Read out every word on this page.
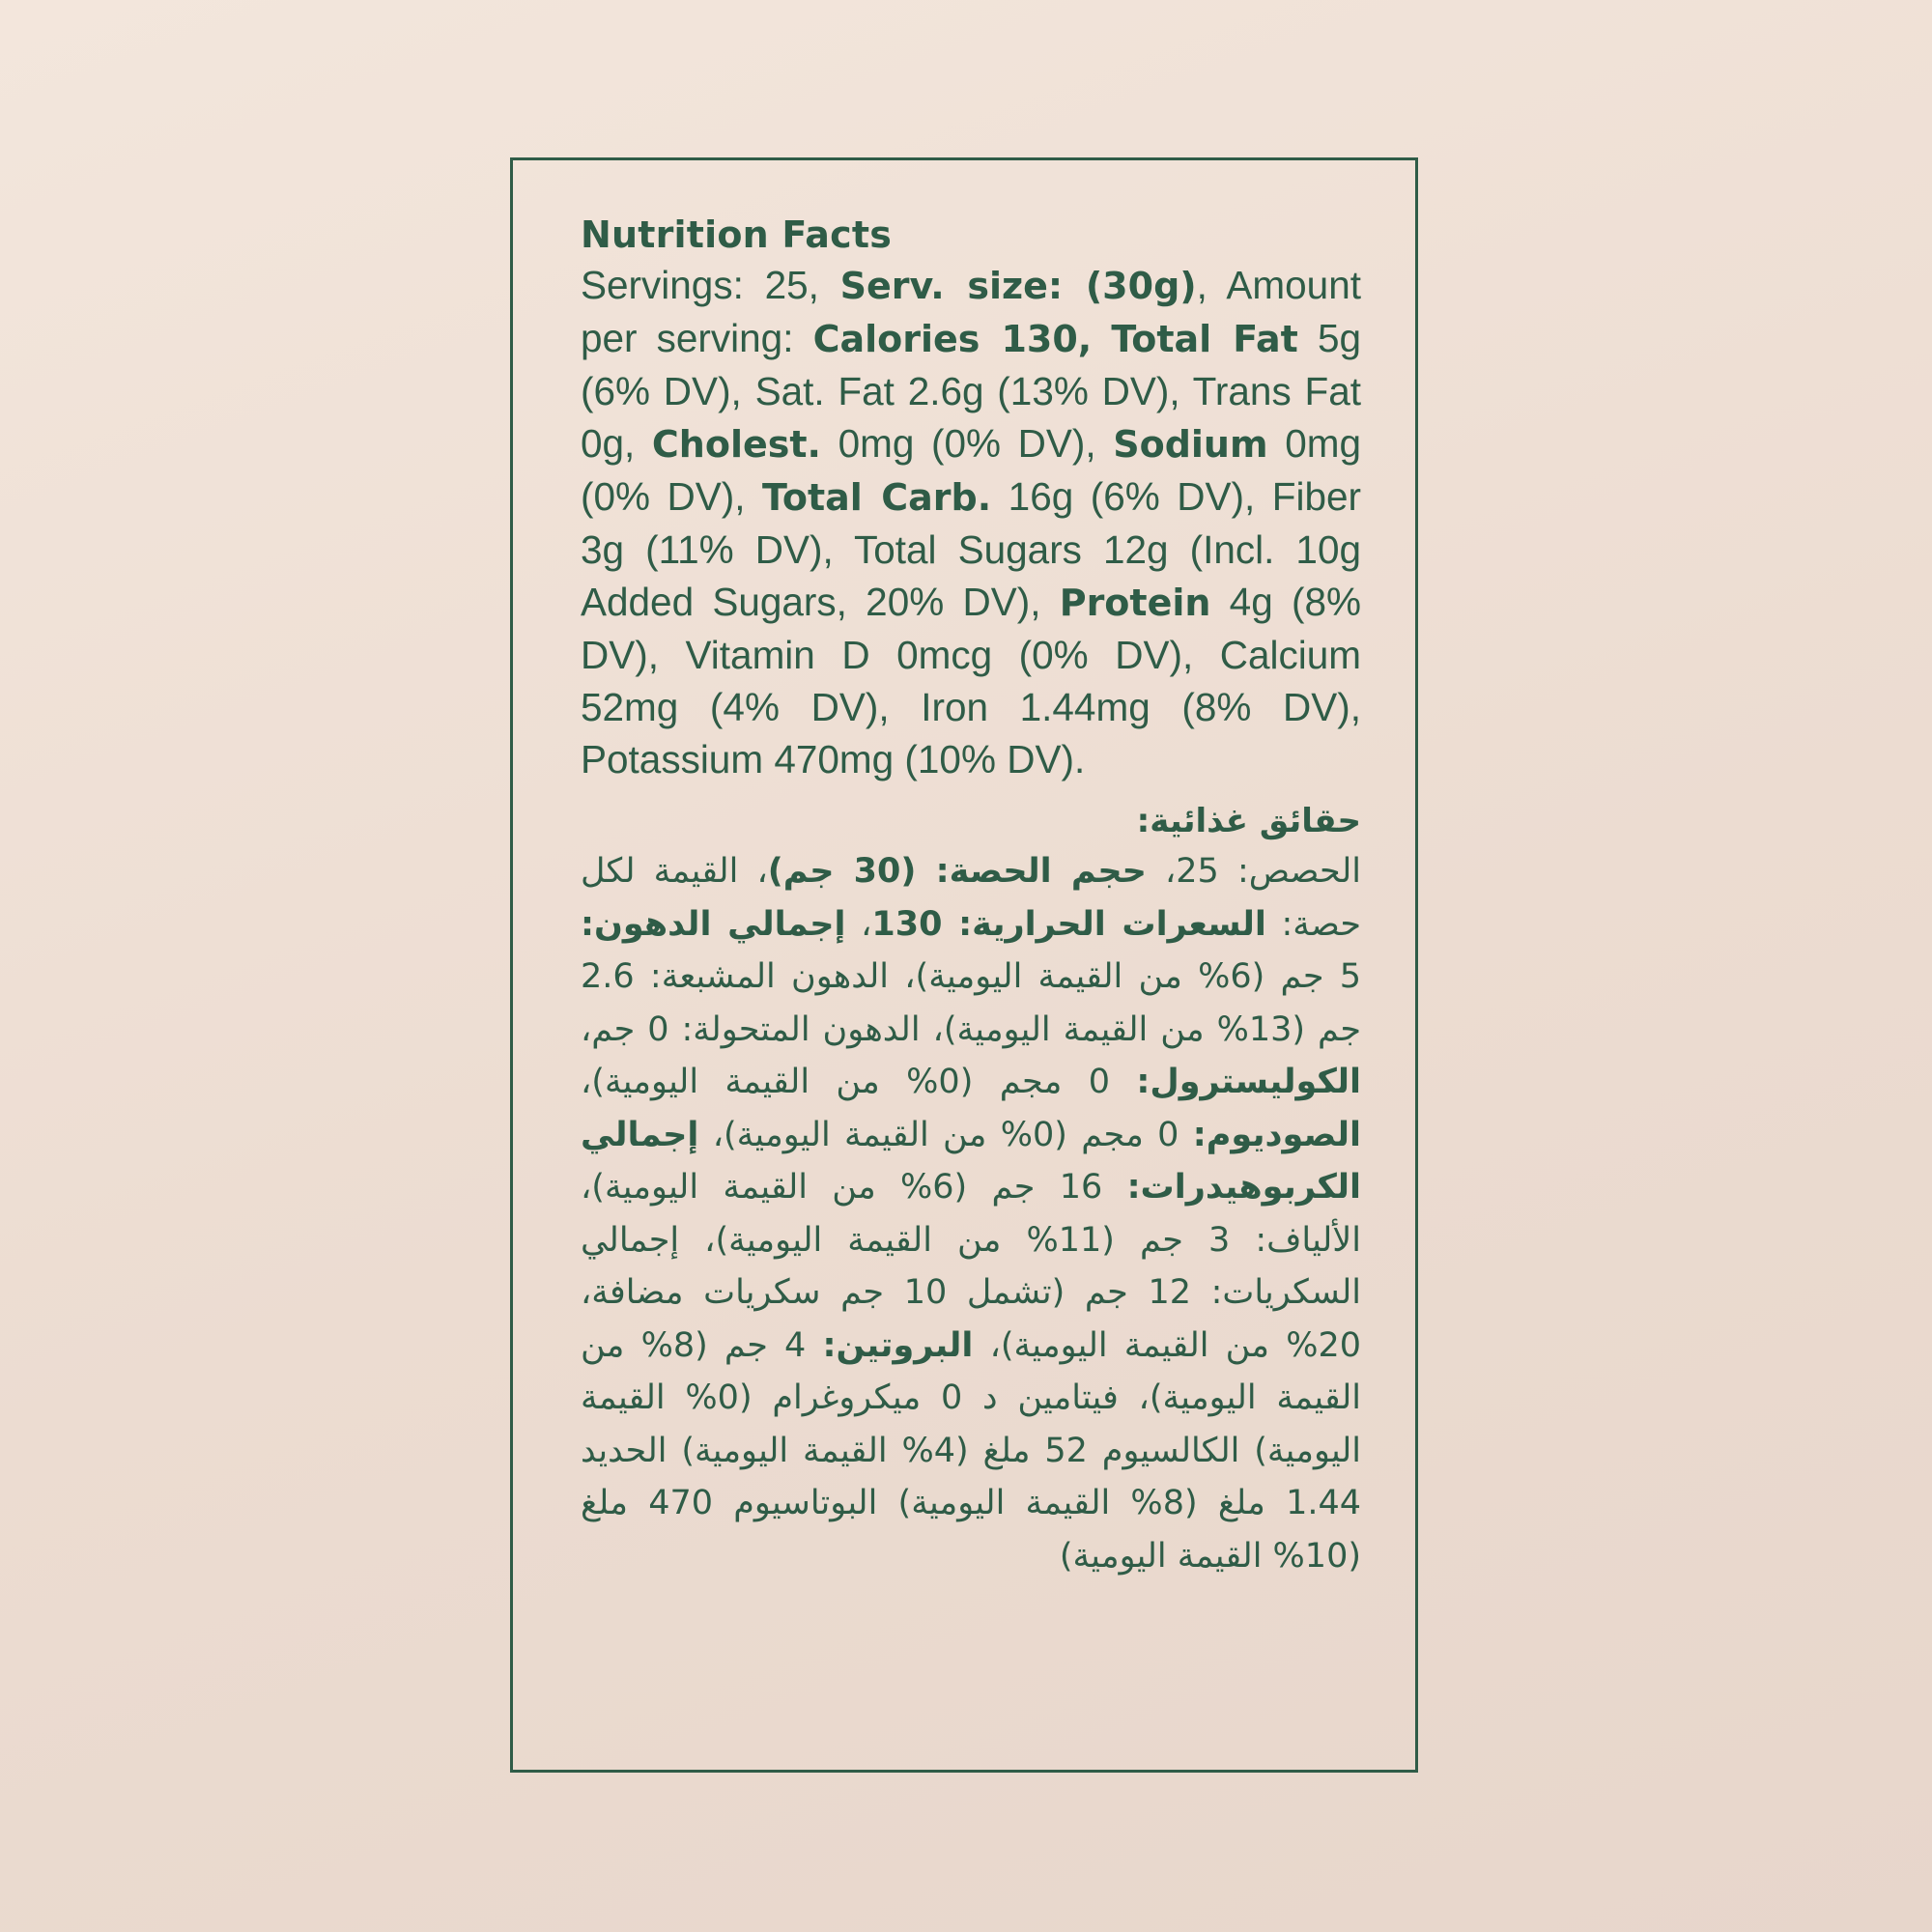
Nutrition Facts

Servings: 25, Serv. size: (30g), Amount per serving: Calories 130, Total Fat 5g (6% DV), Sat. Fat 2.6g (13% DV), Trans Fat 0g, Cholest. 0mg (0% DV), Sodium 0mg (0% DV), Total Carb. 16g (6% DV), Fiber 3g (11% DV), Total Sugars 12g (Incl. 10g Added Sugars, 20% DV), Protein 4g (8% DV), Vitamin D 0mcg (0% DV), Calcium 52mg (4% DV), Iron 1.44mg (8% DV), Potassium 470mg (10% DV).

حقائق غذائية:

الحصص: 25، حجم الحصة: (30 جم)، القيمة لكل حصة: السعرات الحرارية: 130، إجمالي الدهون: 5 جم (6% من القيمة اليومية)، الدهون المشبعة: 2.6 جم (13% من القيمة اليومية)، الدهون المتحولة: 0 جم، الكوليسترول: 0 مجم (0% من القيمة اليومية)، الصوديوم: 0 مجم (0% من القيمة اليومية)، إجمالي الكربوهيدرات: 16 جم (6% من القيمة اليومية)، الألياف: 3 جم (11% من القيمة اليومية)، إجمالي السكريات: 12 جم (تشمل 10 جم سكريات مضافة، 20% من القيمة اليومية)، البروتين: 4 جم (8% من القيمة اليومية)، فيتامين د 0 ميكروغرام (0% القيمة اليومية) الكالسيوم 52 ملغ (4% القيمة اليومية) الحديد 1.44 ملغ (8% القيمة اليومية) البوتاسيوم 470 ملغ (10% القيمة اليومية)
